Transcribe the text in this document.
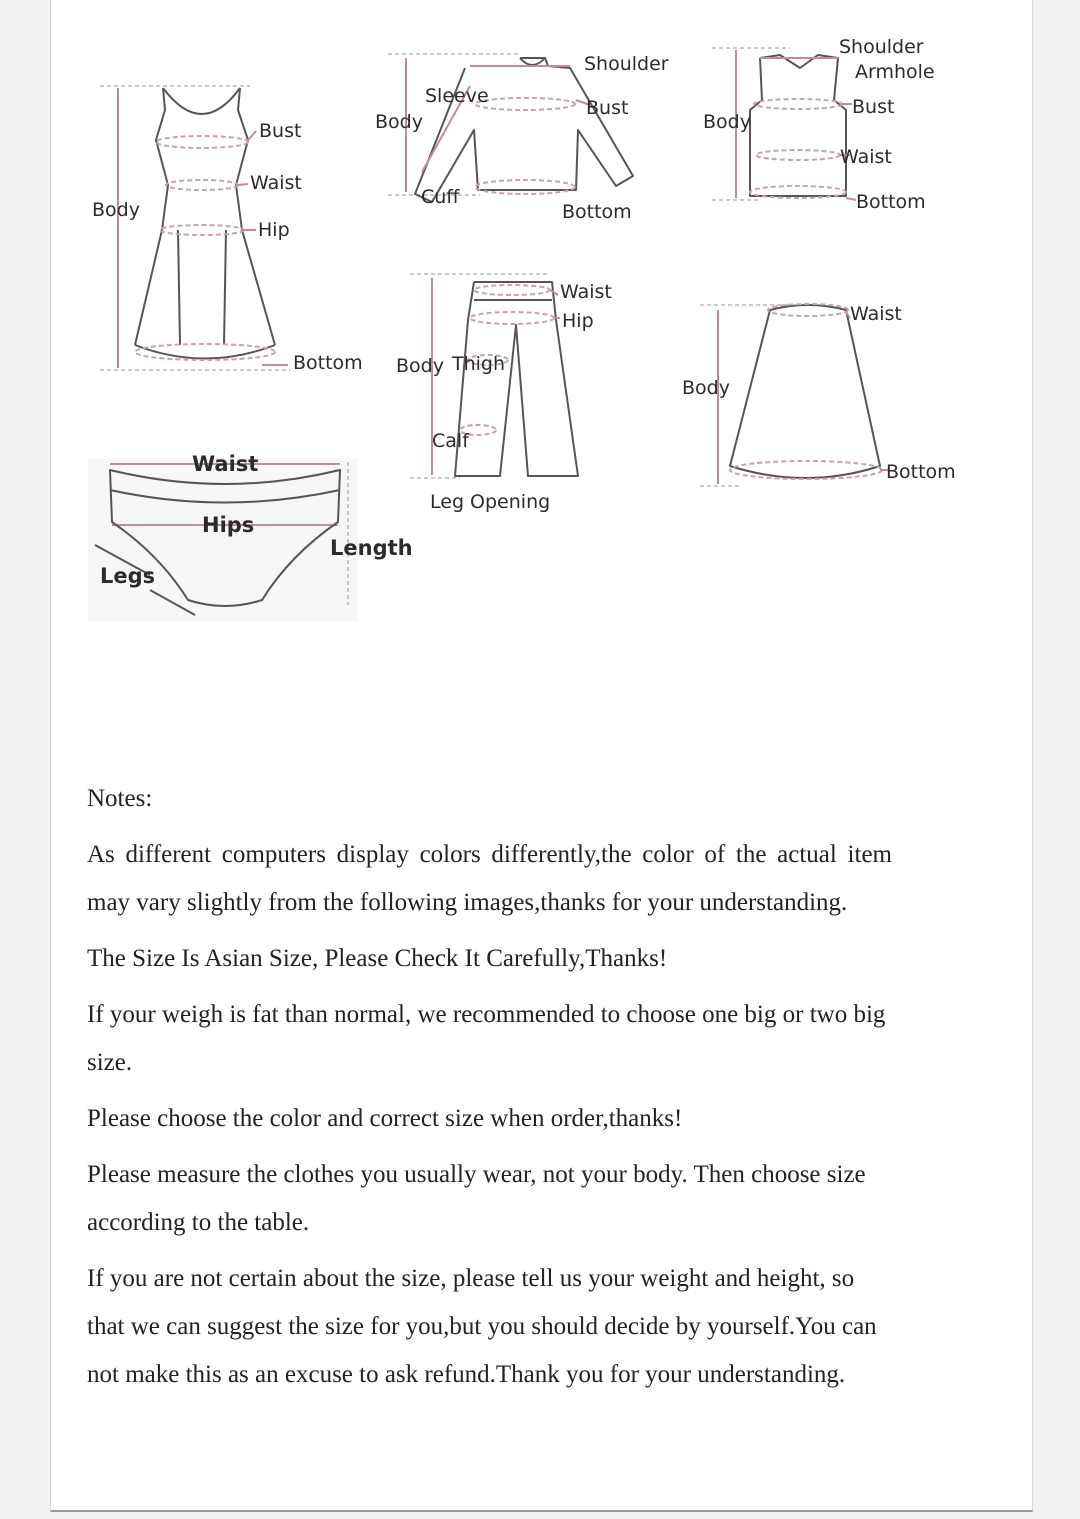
Body
Bust
Waist
Hip
Bottom
Body
Sleeve
Shoulder
Bust
Cuff
Bottom
Body
Shoulder
Armhole
Bust
Waist
Bottom
Waist
Hip
Body Thigh
Calf
Leg Opening
Waist
Body
Bottom
Waist
Hips
Length
Legs

Notes:

As different computers display colors differently,the color of the actual item may vary slightly from the following images,thanks for your understanding.

The Size Is Asian Size, Please Check It Carefully,Thanks!

If your weigh is fat than normal, we recommended to choose one big or two big size.

Please choose the color and correct size when order,thanks!

Please measure the clothes you usually wear, not your body. Then choose size according to the table.

If you are not certain about the size, please tell us your weight and height, so that we can suggest the size for you,but you should decide by yourself.You can not make this as an excuse to ask refund.Thank you for your understanding.
